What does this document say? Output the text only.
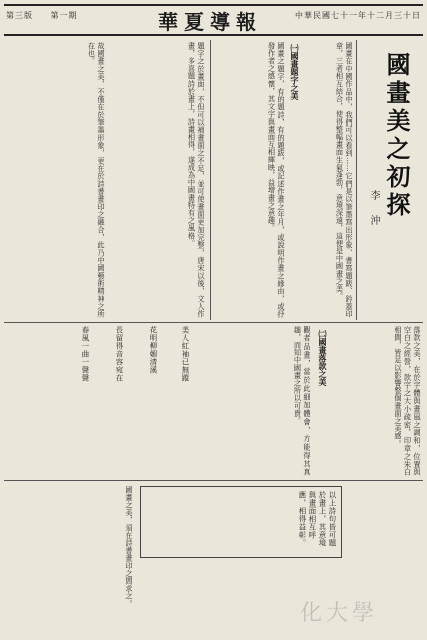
第三版 第一期	華夏導報	中華民國七十一年十二月三十日
國畫美之初探
李 沖
國畫在中國作品中，我們可以看到……它們是以筆墨寫出形象、書寫題跋、鈐蓋印章，三者相互結合，使得整幅畫面生氣蓬勃，意境深遠，這便是中國畫之美。
㈠國畫題字之美
國畫之題字，有的題詩，有的題跋，或記述作畫之年月，或說明作畫之緣由，或抒發作者之感懷，其文字與畫面互相輝映，益增畫之意趣。
題字之於畫面，不但可以補畫面之不足，並可使畫面更加完整，唐宋以後，文人作畫，多喜題詩於畫上，詩畫相得，遂成為中國畫特有之風格。
故國畫之美，不僅在於筆墨形象，更在於詩書畫印之融合，此乃中國藝術精神之所在也。
落款之美，在於字體與畫風之調和，位置與空白之經營，款字之大小疏密，印章之朱白相間，皆足以影響整個畫面之美感。
㈡國畫落款之美
觀者品畫，當於此細加體會，方能得其真趣，而知中國畫之所以可貴。
美人紅袖已無蹤
花明柳媚清溪
長留得音容宛在
春風一曲一聲聲
以上詩句皆可題於畫上，其意境與畫面相互呼應，相得益彰。
國畫之美，須在詩書畫印之間求之。
化大學
